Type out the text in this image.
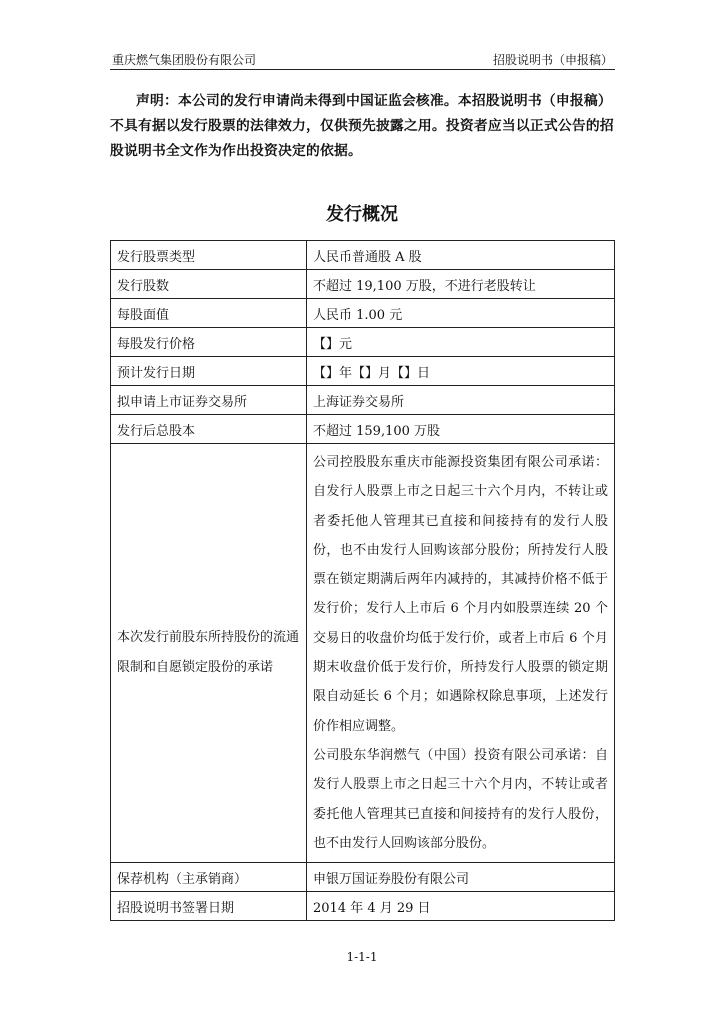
重庆燃气集团股份有限公司	招股说明书（申报稿）
声明：本公司的发行申请尚未得到中国证监会核准。本招股说明书（申报稿）不具有据以发行股票的法律效力，仅供预先披露之用。投资者应当以正式公告的招股说明书全文作为作出投资决定的依据。
发行概况
发行股票类型	人民币普通股 A 股
发行股数	不超过 19,100 万股，不进行老股转让
每股面值	人民币 1.00 元
每股发行价格	【】元
预计发行日期	【】年【】月【】日
拟申请上市证券交易所	上海证券交易所
发行后总股本	不超过 159,100 万股
本次发行前股东所持股份的流通限制和自愿锁定股份的承诺	公司控股股东重庆市能源投资集团有限公司承诺：自发行人股票上市之日起三十六个月内，不转让或者委托他人管理其已直接和间接持有的发行人股份，也不由发行人回购该部分股份；所持发行人股票在锁定期满后两年内减持的，其减持价格不低于发行价；发行人上市后 6 个月内如股票连续 20 个交易日的收盘价均低于发行价，或者上市后 6 个月期末收盘价低于发行价，所持发行人股票的锁定期限自动延长 6 个月；如遇除权除息事项，上述发行价作相应调整。

公司股东华润燃气（中国）投资有限公司承诺：自发行人股票上市之日起三十六个月内，不转让或者委托他人管理其已直接和间接持有的发行人股份，也不由发行人回购该部分股份。

保荐机构（主承销商）	申银万国证券股份有限公司
招股说明书签署日期	2014 年 4 月 29 日
1-1-1
